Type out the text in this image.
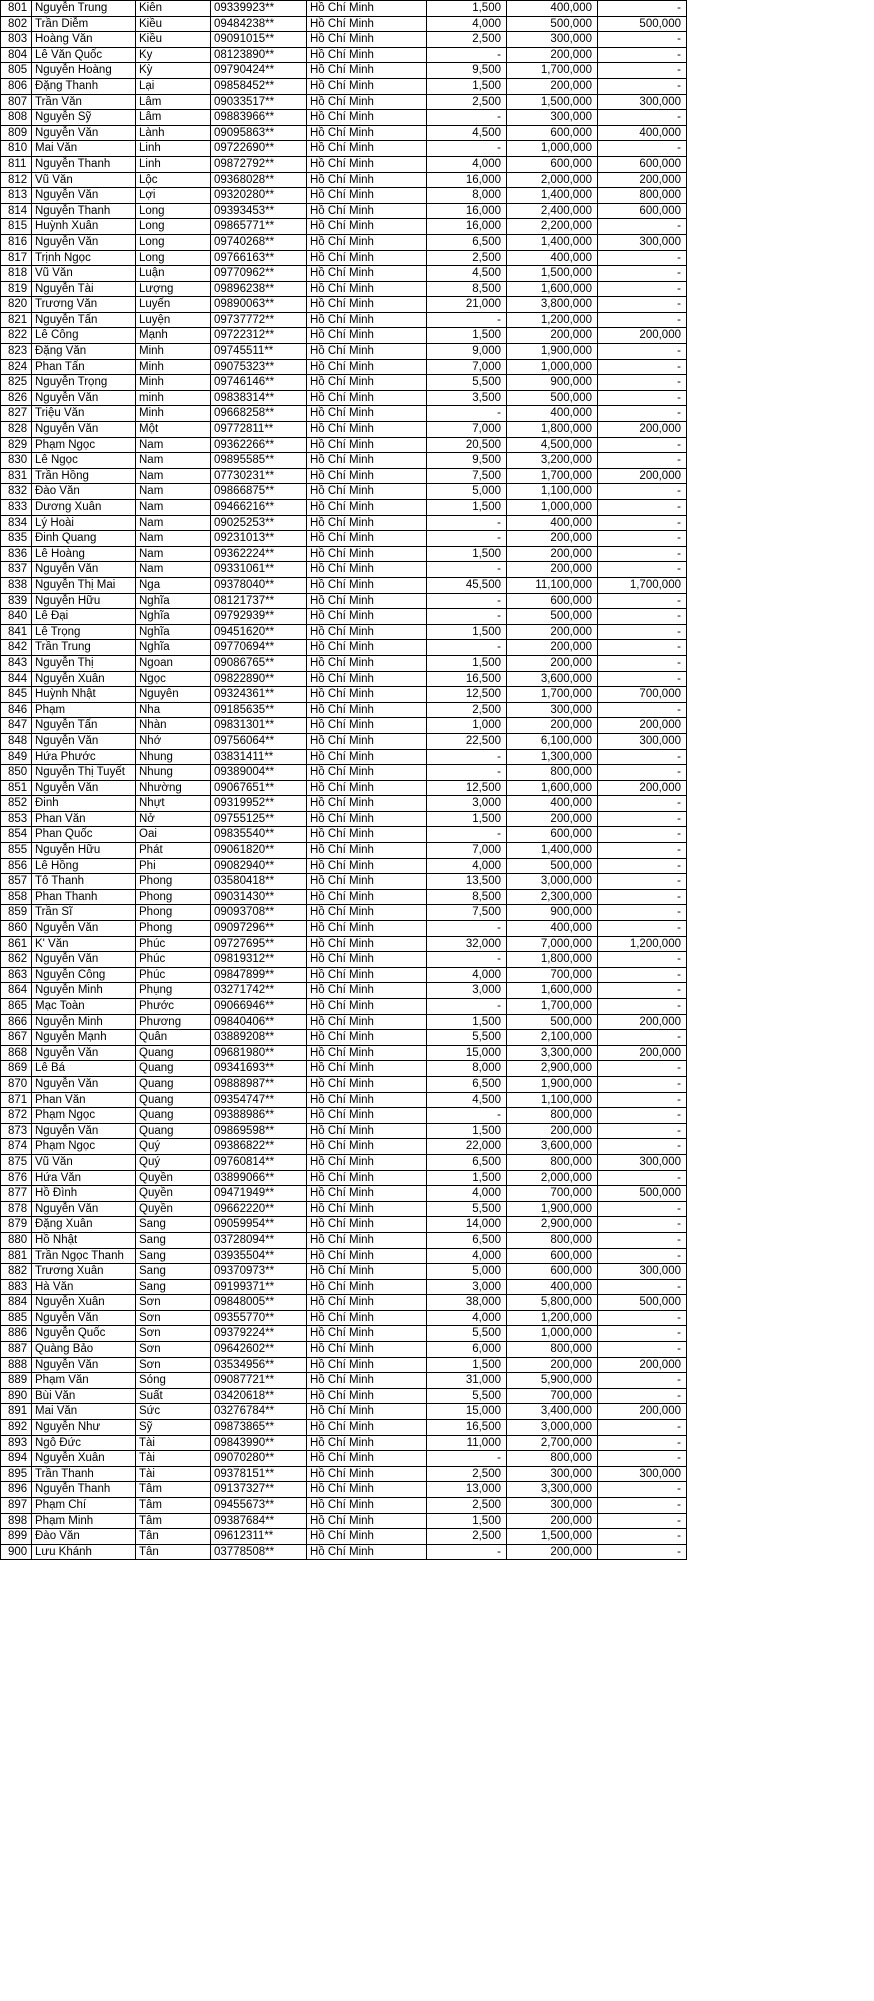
801	Nguyễn Trung	Kiên	09339923**	Hồ Chí Minh	1,500	400,000	-
802	Trần Diễm	Kiều	09484238**	Hồ Chí Minh	4,000	500,000	500,000
803	Hoàng Văn	Kiều	09091015**	Hồ Chí Minh	2,500	300,000	-
804	Lê Văn Quốc	Ky	08123890**	Hồ Chí Minh	-	200,000	-
805	Nguyễn Hoàng	Kỳ	09790424**	Hồ Chí Minh	9,500	1,700,000	-
806	Đặng Thanh	Lại	09858452**	Hồ Chí Minh	1,500	200,000	-
807	Trần Văn	Lâm	09033517**	Hồ Chí Minh	2,500	1,500,000	300,000
808	Nguyễn Sỹ	Lâm	09883966**	Hồ Chí Minh	-	300,000	-
809	Nguyễn Văn	Lành	09095863**	Hồ Chí Minh	4,500	600,000	400,000
810	Mai Văn	Linh	09722690**	Hồ Chí Minh	-	1,000,000	-
811	Nguyễn Thanh	Linh	09872792**	Hồ Chí Minh	4,000	600,000	600,000
812	Vũ Văn	Lộc	09368028**	Hồ Chí Minh	16,000	2,000,000	200,000
813	Nguyễn Văn	Lợi	09320280**	Hồ Chí Minh	8,000	1,400,000	800,000
814	Nguyễn Thanh	Long	09393453**	Hồ Chí Minh	16,000	2,400,000	600,000
815	Huỳnh Xuân	Long	09865771**	Hồ Chí Minh	16,000	2,200,000	-
816	Nguyễn Văn	Long	09740268**	Hồ Chí Minh	6,500	1,400,000	300,000
817	Trịnh Ngọc	Long	09766163**	Hồ Chí Minh	2,500	400,000	-
818	Vũ Văn	Luận	09770962**	Hồ Chí Minh	4,500	1,500,000	-
819	Nguyễn Tài	Lượng	09896238**	Hồ Chí Minh	8,500	1,600,000	-
820	Trương Văn	Luyến	09890063**	Hồ Chí Minh	21,000	3,800,000	-
821	Nguyễn Tấn	Luyện	09737772**	Hồ Chí Minh	-	1,200,000	-
822	Lê Công	Mạnh	09722312**	Hồ Chí Minh	1,500	200,000	200,000
823	Đặng Văn	Minh	09745511**	Hồ Chí Minh	9,000	1,900,000	-
824	Phan Tấn	Minh	09075323**	Hồ Chí Minh	7,000	1,000,000	-
825	Nguyễn Trọng	Minh	09746146**	Hồ Chí Minh	5,500	900,000	-
826	Nguyễn Văn	minh	09838314**	Hồ Chí Minh	3,500	500,000	-
827	Triệu Văn	Minh	09668258**	Hồ Chí Minh	-	400,000	-
828	Nguyễn Văn	Một	09772811**	Hồ Chí Minh	7,000	1,800,000	200,000
829	Phạm Ngọc	Nam	09362266**	Hồ Chí Minh	20,500	4,500,000	-
830	Lê Ngọc	Nam	09895585**	Hồ Chí Minh	9,500	3,200,000	-
831	Trần Hồng	Nam	07730231**	Hồ Chí Minh	7,500	1,700,000	200,000
832	Đào Văn	Nam	09866875**	Hồ Chí Minh	5,000	1,100,000	-
833	Dương Xuân	Nam	09466216**	Hồ Chí Minh	1,500	1,000,000	-
834	Lý Hoài	Nam	09025253**	Hồ Chí Minh	-	400,000	-
835	Đinh Quang	Nam	09231013**	Hồ Chí Minh	-	200,000	-
836	Lê Hoàng	Nam	09362224**	Hồ Chí Minh	1,500	200,000	-
837	Nguyễn Văn	Nam	09331061**	Hồ Chí Minh	-	200,000	-
838	Nguyễn Thị Mai	Nga	09378040**	Hồ Chí Minh	45,500	11,100,000	1,700,000
839	Nguyễn Hữu	Nghĩa	08121737**	Hồ Chí Minh	-	600,000	-
840	Lê Đại	Nghĩa	09792939**	Hồ Chí Minh	-	500,000	-
841	Lê Trọng	Nghĩa	09451620**	Hồ Chí Minh	1,500	200,000	-
842	Trần Trung	Nghĩa	09770694**	Hồ Chí Minh	-	200,000	-
843	Nguyễn Thị	Ngoan	09086765**	Hồ Chí Minh	1,500	200,000	-
844	Nguyễn Xuân	Ngọc	09822890**	Hồ Chí Minh	16,500	3,600,000	-
845	Huỳnh Nhật	Nguyên	09324361**	Hồ Chí Minh	12,500	1,700,000	700,000
846	Phạm	Nha	09185635**	Hồ Chí Minh	2,500	300,000	-
847	Nguyễn Tấn	Nhàn	09831301**	Hồ Chí Minh	1,000	200,000	200,000
848	Nguyễn Văn	Nhớ	09756064**	Hồ Chí Minh	22,500	6,100,000	300,000
849	Hứa Phước	Nhung	03831411**	Hồ Chí Minh	-	1,300,000	-
850	Nguyễn Thị Tuyết	Nhung	09389004**	Hồ Chí Minh	-	800,000	-
851	Nguyễn Văn	Nhường	09067651**	Hồ Chí Minh	12,500	1,600,000	200,000
852	Đinh	Nhựt	09319952**	Hồ Chí Minh	3,000	400,000	-
853	Phan Văn	Nở	09755125**	Hồ Chí Minh	1,500	200,000	-
854	Phan Quốc	Oai	09835540**	Hồ Chí Minh	-	600,000	-
855	Nguyễn Hữu	Phát	09061820**	Hồ Chí Minh	7,000	1,400,000	-
856	Lê Hồng	Phi	09082940**	Hồ Chí Minh	4,000	500,000	-
857	Tô Thanh	Phong	03580418**	Hồ Chí Minh	13,500	3,000,000	-
858	Phan Thanh	Phong	09031430**	Hồ Chí Minh	8,500	2,300,000	-
859	Trần Sĩ	Phong	09093708**	Hồ Chí Minh	7,500	900,000	-
860	Nguyễn Văn	Phong	09097296**	Hồ Chí Minh	-	400,000	-
861	K' Văn	Phúc	09727695**	Hồ Chí Minh	32,000	7,000,000	1,200,000
862	Nguyễn Văn	Phúc	09819312**	Hồ Chí Minh	-	1,800,000	-
863	Nguyễn Công	Phúc	09847899**	Hồ Chí Minh	4,000	700,000	-
864	Nguyễn Minh	Phụng	03271742**	Hồ Chí Minh	3,000	1,600,000	-
865	Mạc Toàn	Phước	09066946**	Hồ Chí Minh	-	1,700,000	-
866	Nguyễn Minh	Phương	09840406**	Hồ Chí Minh	1,500	500,000	200,000
867	Nguyễn Mạnh	Quân	03889208**	Hồ Chí Minh	5,500	2,100,000	-
868	Nguyễn Văn	Quang	09681980**	Hồ Chí Minh	15,000	3,300,000	200,000
869	Lê Bá	Quang	09341693**	Hồ Chí Minh	8,000	2,900,000	-
870	Nguyễn Văn	Quang	09888987**	Hồ Chí Minh	6,500	1,900,000	-
871	Phan Văn	Quang	09354747**	Hồ Chí Minh	4,500	1,100,000	-
872	Phạm Ngọc	Quang	09388986**	Hồ Chí Minh	-	800,000	-
873	Nguyễn Văn	Quang	09869598**	Hồ Chí Minh	1,500	200,000	-
874	Phạm Ngọc	Quý	09386822**	Hồ Chí Minh	22,000	3,600,000	-
875	Vũ Văn	Quý	09760814**	Hồ Chí Minh	6,500	800,000	300,000
876	Hứa Văn	Quyền	03899066**	Hồ Chí Minh	1,500	2,000,000	-
877	Hồ Đình	Quyền	09471949**	Hồ Chí Minh	4,000	700,000	500,000
878	Nguyễn Văn	Quyền	09662220**	Hồ Chí Minh	5,500	1,900,000	-
879	Đặng Xuân	Sang	09059954**	Hồ Chí Minh	14,000	2,900,000	-
880	Hồ Nhật	Sang	03728094**	Hồ Chí Minh	6,500	800,000	-
881	Trần Ngọc Thanh	Sang	03935504**	Hồ Chí Minh	4,000	600,000	-
882	Trương Xuân	Sang	09370973**	Hồ Chí Minh	5,000	600,000	300,000
883	Hà Văn	Sang	09199371**	Hồ Chí Minh	3,000	400,000	-
884	Nguyễn Xuân	Sơn	09848005**	Hồ Chí Minh	38,000	5,800,000	500,000
885	Nguyễn Văn	Sơn	09355770**	Hồ Chí Minh	4,000	1,200,000	-
886	Nguyễn Quốc	Sơn	09379224**	Hồ Chí Minh	5,500	1,000,000	-
887	Quàng Bảo	Sơn	09642602**	Hồ Chí Minh	6,000	800,000	-
888	Nguyễn Văn	Sơn	03534956**	Hồ Chí Minh	1,500	200,000	200,000
889	Phạm Văn	Sóng	09087721**	Hồ Chí Minh	31,000	5,900,000	-
890	Bùi Văn	Suất	03420618**	Hồ Chí Minh	5,500	700,000	-
891	Mai Văn	Sức	03276784**	Hồ Chí Minh	15,000	3,400,000	200,000
892	Nguyễn Như	Sỹ	09873865**	Hồ Chí Minh	16,500	3,000,000	-
893	Ngô Đức	Tài	09843990**	Hồ Chí Minh	11,000	2,700,000	-
894	Nguyễn Xuân	Tài	09070280**	Hồ Chí Minh	-	800,000	-
895	Trần Thanh	Tài	09378151**	Hồ Chí Minh	2,500	300,000	300,000
896	Nguyễn Thanh	Tâm	09137327**	Hồ Chí Minh	13,000	3,300,000	-
897	Phạm Chí	Tâm	09455673**	Hồ Chí Minh	2,500	300,000	-
898	Phạm Minh	Tâm	09387684**	Hồ Chí Minh	1,500	200,000	-
899	Đào Văn	Tân	09612311**	Hồ Chí Minh	2,500	1,500,000	-
900	Lưu Khánh	Tân	03778508**	Hồ Chí Minh	-	200,000	-
